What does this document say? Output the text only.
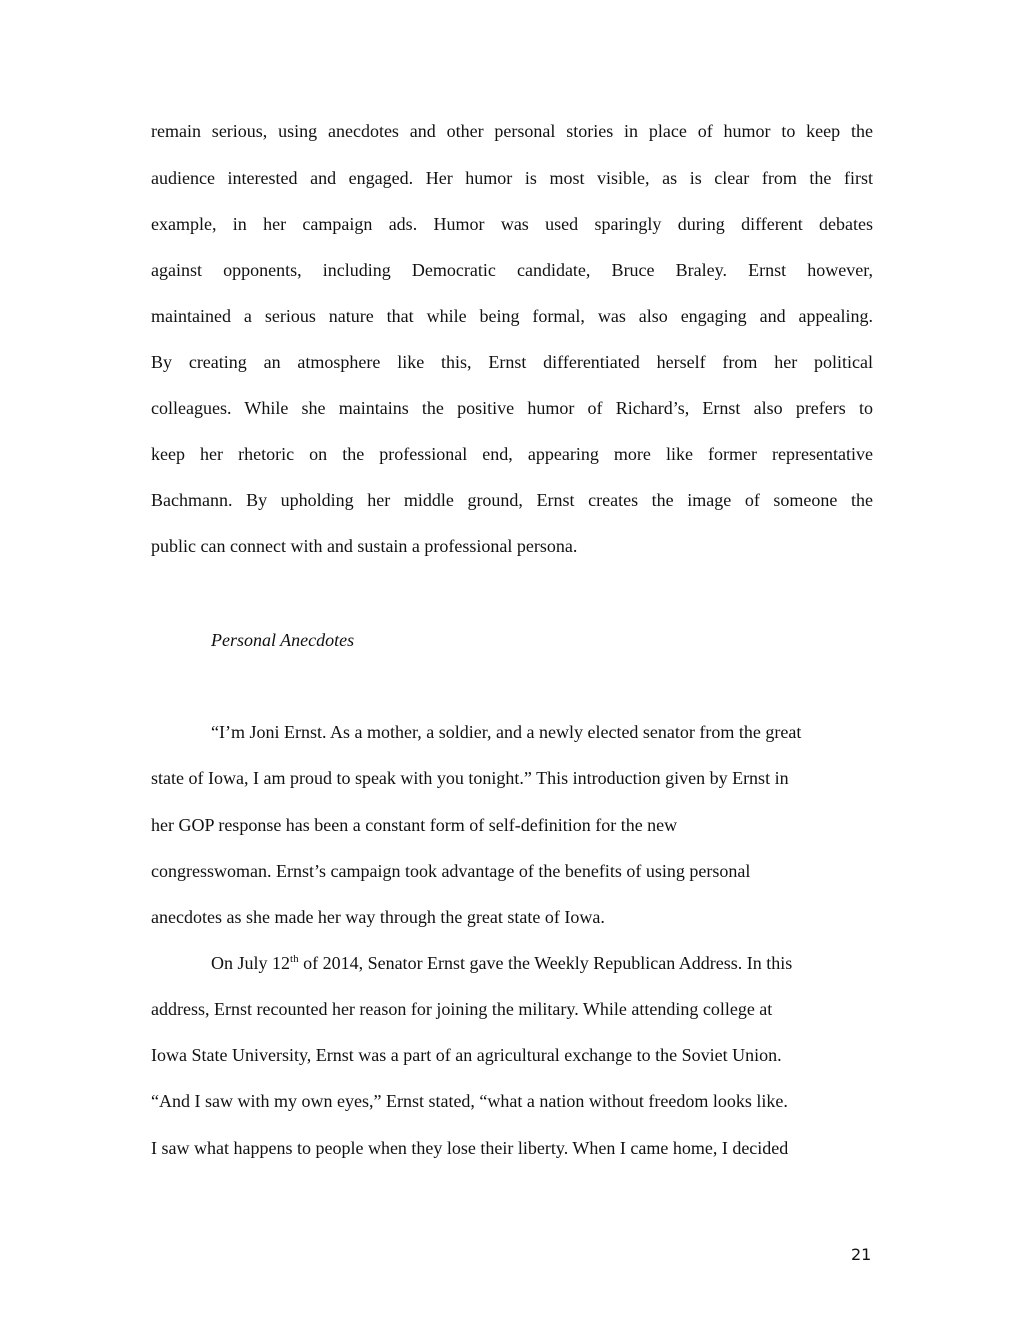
remain serious, using anecdotes and other personal stories in place of humor to keep the

audience interested and engaged. Her humor is most visible, as is clear from the first

example, in her campaign ads. Humor was used sparingly during different debates

against opponents, including Democratic candidate, Bruce Braley. Ernst however,

maintained a serious nature that while being formal, was also engaging and appealing.

By creating an atmosphere like this, Ernst differentiated herself from her political

colleagues. While she maintains the positive humor of Richard’s, Ernst also prefers to

keep her rhetoric on the professional end, appearing more like former representative

Bachmann. By upholding her middle ground, Ernst creates the image of someone the

public can connect with and sustain a professional persona.

Personal Anecdotes

“I’m Joni Ernst. As a mother, a soldier, and a newly elected senator from the great

state of Iowa, I am proud to speak with you tonight.” This introduction given by Ernst in

her GOP response has been a constant form of self-definition for the new

congresswoman. Ernst’s campaign took advantage of the benefits of using personal

anecdotes as she made her way through the great state of Iowa.

On July 12th of 2014, Senator Ernst gave the Weekly Republican Address. In this

address, Ernst recounted her reason for joining the military. While attending college at

Iowa State University, Ernst was a part of an agricultural exchange to the Soviet Union.

“And I saw with my own eyes,” Ernst stated, “what a nation without freedom looks like.

I saw what happens to people when they lose their liberty. When I came home, I decided

21
